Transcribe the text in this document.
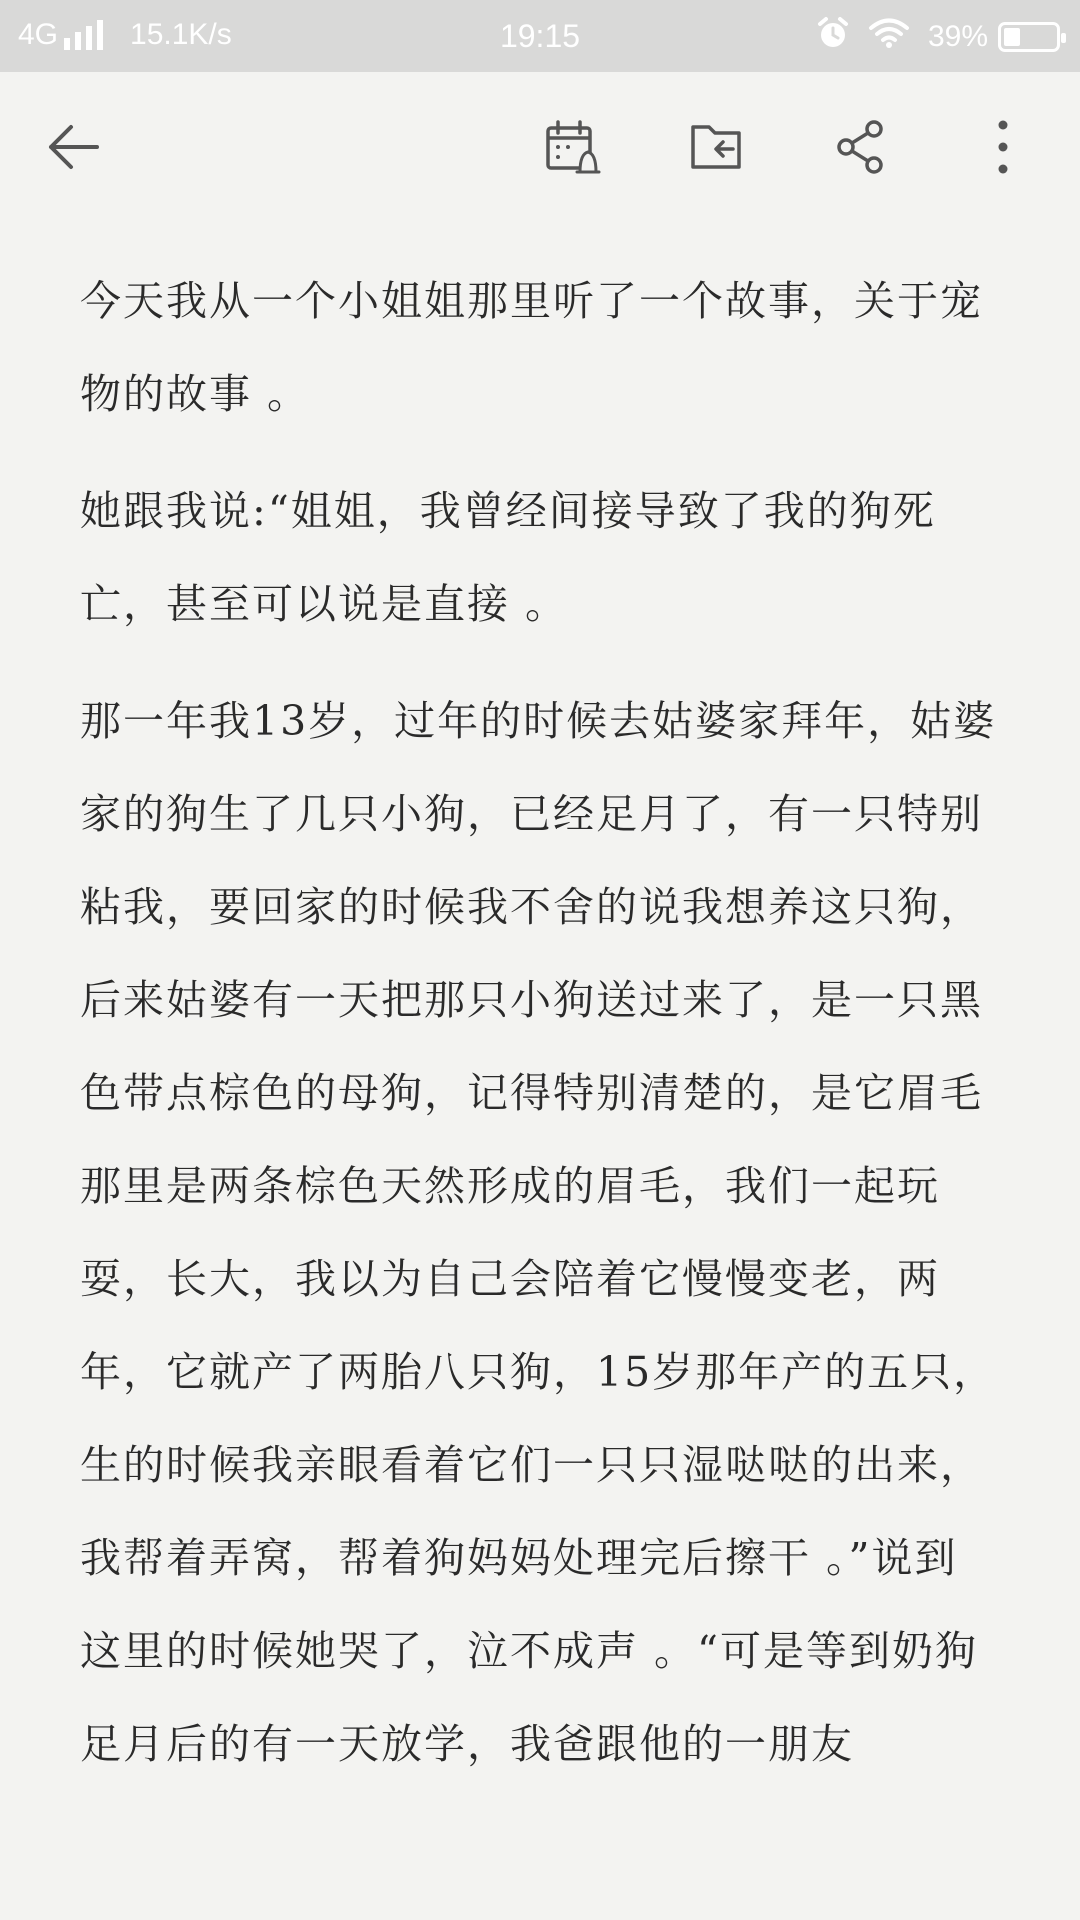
4G 15.1K/s	19:15	39%

今天我从一个小姐姐那里听了一个故事，关于宠物的故事 。

她跟我说:“姐姐，我曾经间接导致了我的狗死亡，甚至可以说是直接 。

那一年我13岁，过年的时候去姑婆家拜年，姑婆家的狗生了几只小狗，已经足月了，有一只特别粘我，要回家的时候我不舍的说我想养这只狗，后来姑婆有一天把那只小狗送过来了，是一只黑色带点棕色的母狗，记得特别清楚的，是它眉毛那里是两条棕色天然形成的眉毛，我们一起玩耍，长大，我以为自己会陪着它慢慢变老，两年，它就产了两胎八只狗，15岁那年产的五只，生的时候我亲眼看着它们一只只湿哒哒的出来，我帮着弄窝，帮着狗妈妈处理完后擦干 。”说到这里的时候她哭了，泣不成声 。“可是等到奶狗足月后的有一天放学，我爸跟他的一朋友
